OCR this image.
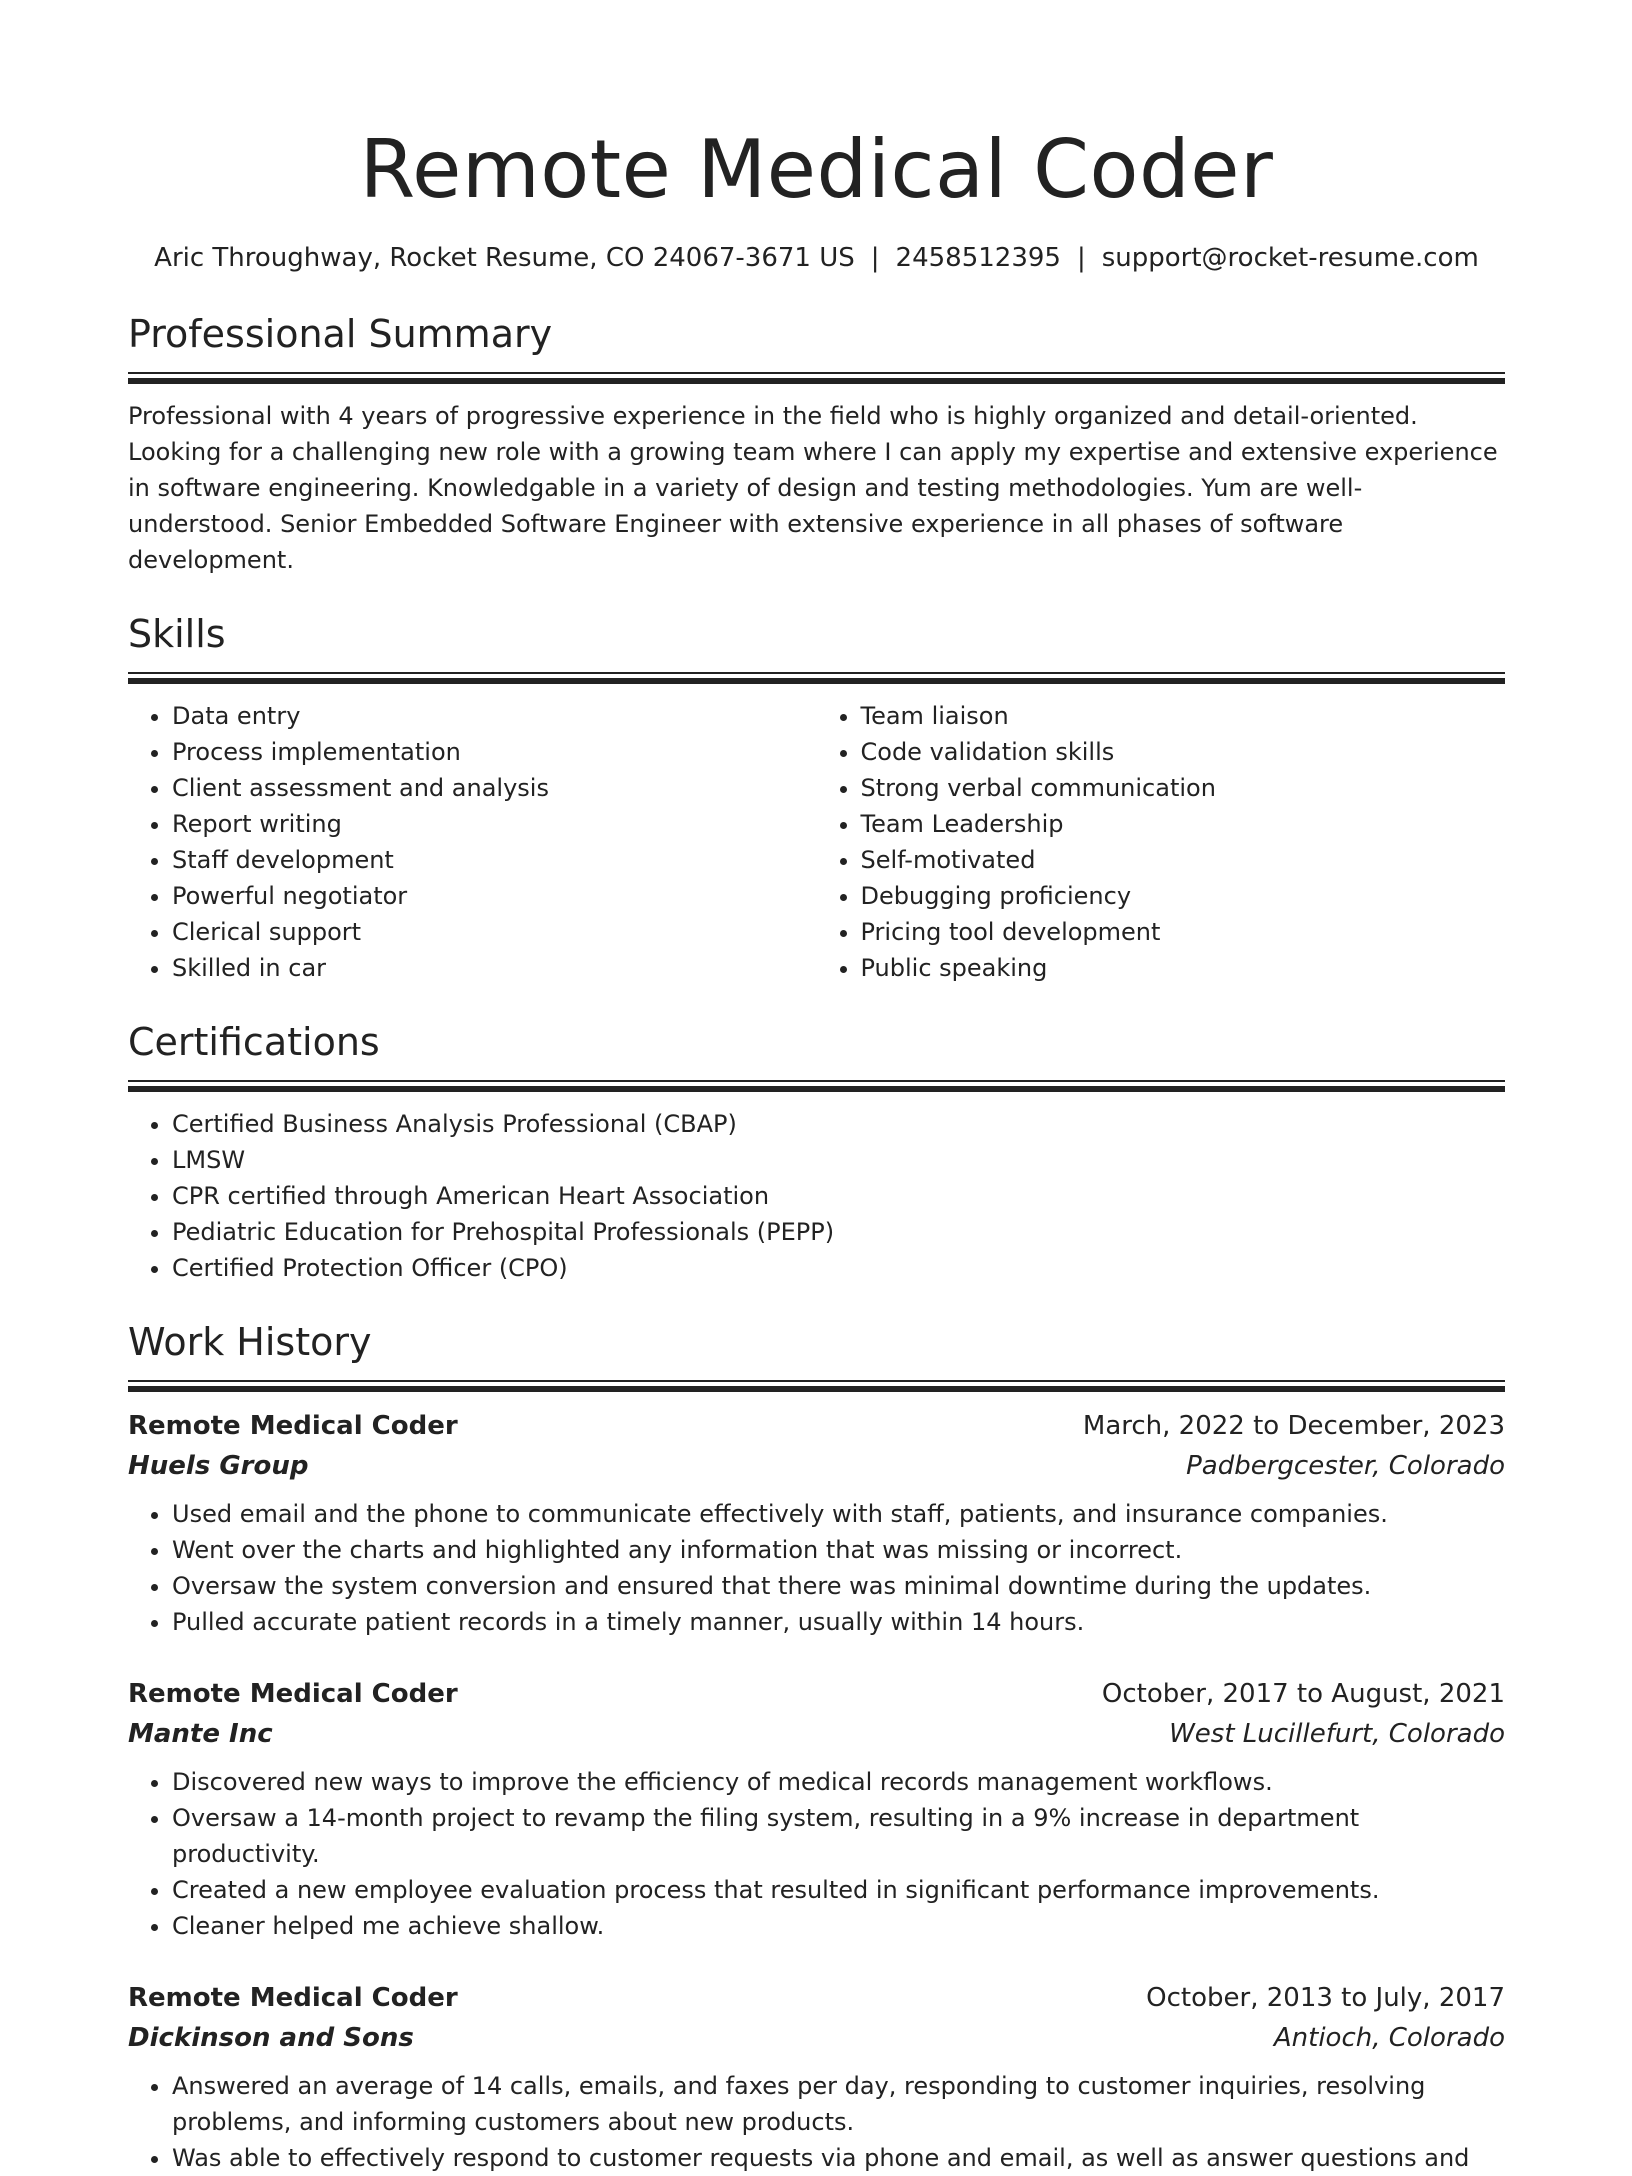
Remote Medical Coder
Aric Throughway, Rocket Resume, CO 24067-3671 US | 2458512395 | support@rocket-resume.com
Professional Summary

Professional with 4 years of progressive experience in the field who is highly organized and detail-oriented. Looking for a challenging new role with a growing team where I can apply my expertise and extensive experience in software engineering. Knowledgable in a variety of design and testing methodologies. Yum are well-understood. Senior Embedded Software Engineer with extensive experience in all phases of software development.

Skills
• Data entry
• Process implementation
• Client assessment and analysis
• Report writing
• Staff development
• Powerful negotiator
• Clerical support
• Skilled in car
• Team liaison
• Code validation skills
• Strong verbal communication
• Team Leadership
• Self-motivated
• Debugging proficiency
• Pricing tool development
• Public speaking
Certifications
• Certified Business Analysis Professional (CBAP)
• LMSW
• CPR certified through American Heart Association
• Pediatric Education for Prehospital Professionals (PEPP)
• Certified Protection Officer (CPO)
Work History
Remote Medical Coder	March, 2022 to December, 2023
Huels Group	Padbergcester, Colorado
• Used email and the phone to communicate effectively with staff, patients, and insurance companies.
• Went over the charts and highlighted any information that was missing or incorrect.
• Oversaw the system conversion and ensured that there was minimal downtime during the updates.
• Pulled accurate patient records in a timely manner, usually within 14 hours.
Remote Medical Coder	October, 2017 to August, 2021
Mante Inc	West Lucillefurt, Colorado
• Discovered new ways to improve the efficiency of medical records management workflows.
• Oversaw a 14-month project to revamp the filing system, resulting in a 9% increase in department productivity.
• Created a new employee evaluation process that resulted in significant performance improvements.
• Cleaner helped me achieve shallow.
Remote Medical Coder	October, 2013 to July, 2017
Dickinson and Sons	Antioch, Colorado
• Answered an average of 14 calls, emails, and faxes per day, responding to customer inquiries, resolving problems, and informing customers about new products.
• Was able to effectively respond to customer requests via phone and email, as well as answer questions and
